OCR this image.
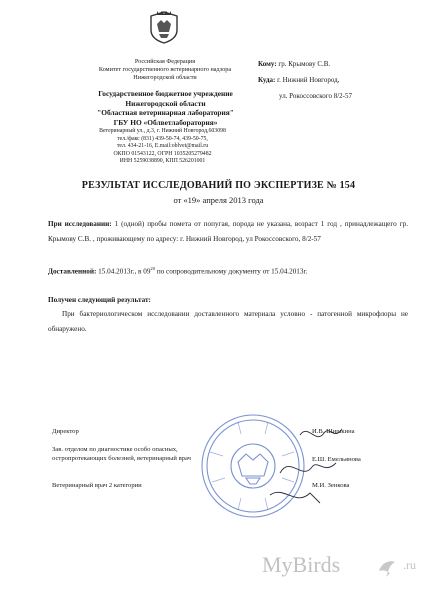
Российская Федерация
Комитет государственного ветеринарного надзора
Нижегородской области
Государственное бюджетное учреждение
Нижегородской области
"Областная ветеринарная лаборатория"
ГБУ НО «Облветлаборатория»
Ветеринарный ул., д.3, г. Нижний Новгород,603098
тел./факс (831) 439-50-74, 439-50-75,
тел. 434-21-16, E.mail:oblvet@mail.ru
ОКПО 01543122, ОГРН 1035205279482
ИНН 5259038890, КПП 526201001
Кому: гр. Крымову С.В.
Куда: г. Нижний Новгород,
ул. Рокоссовского 8/2-57
РЕЗУЛЬТАТ ИССЛЕДОВАНИЙ ПО ЭКСПЕРТИЗЕ № 154
от «19» апреля 2013 года
При исследовании: 1 (одной) пробы помета от попугая, порода не указана, возраст 1 год , принадлежащего гр. Крымову С.В. , проживающему по адресу: г. Нижний Новгород, ул Рокоссовского, 8/2-57
Доставленной: 15.04.2013г., в $09^{20}$ по сопроводительному документу от 15.04.2013г.
Получен следующий результат:
При бактериологическом исследовании доставленного материала условно - патогенной микрофлоры не обнаружено.
Директор	И.В. Шишкина
Зав. отделом по диагностике особо опасных, остропротекающих болезней, ветеринарный врач	Е.Ш. Емельянова
Ветеринарный врач 2 категории	М.И. Зенкова
MyBirds	.ru
